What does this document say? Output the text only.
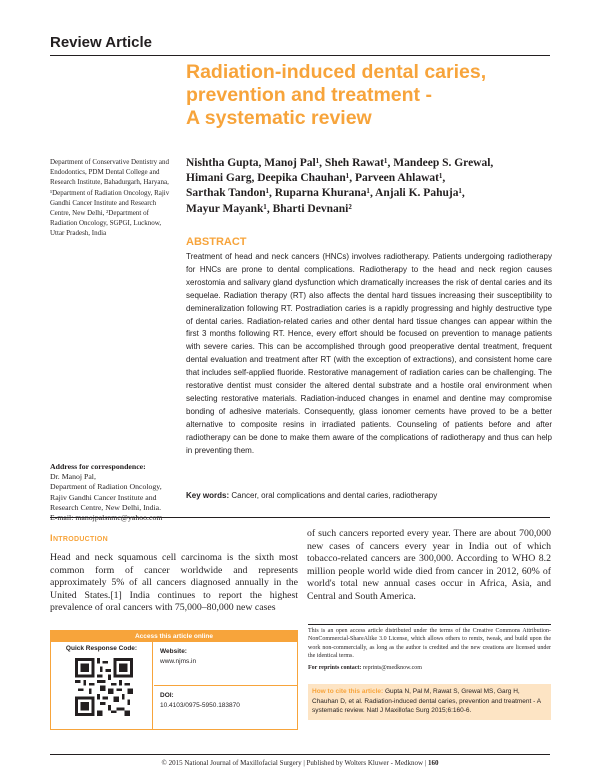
Review Article
Radiation-induced dental caries,
prevention and treatment -
A systematic review
Department of Conservative Dentistry and Endodontics, PDM Dental College and Research Institute, Bahadurgarh, Haryana, ¹Department of Radiation Oncology, Rajiv Gandhi Cancer Institute and Research Centre, New Delhi, ²Department of Radiation Oncology, SGPGI, Lucknow, Uttar Pradesh, India
Nishtha Gupta, Manoj Pal¹, Sheh Rawat¹, Mandeep S. Grewal,
Himani Garg, Deepika Chauhan¹, Parveen Ahlawat¹,
Sarthak Tandon¹, Ruparna Khurana¹, Anjali K. Pahuja¹,
Mayur Mayank¹, Bharti Devnani²
ABSTRACT
Treatment of head and neck cancers (HNCs) involves radiotherapy. Patients undergoing radiotherapy for HNCs are prone to dental complications. Radiotherapy to the head and neck region causes xerostomia and salivary gland dysfunction which dramatically increases the risk of dental caries and its sequelae. Radiation therapy (RT) also affects the dental hard tissues increasing their susceptibility to demineralization following RT. Postradiation caries is a rapidly progressing and highly destructive type of dental caries. Radiation-related caries and other dental hard tissue changes can appear within the first 3 months following RT. Hence, every effort should be focused on prevention to manage patients with severe caries. This can be accomplished through good preoperative dental treatment, frequent dental evaluation and treatment after RT (with the exception of extractions), and consistent home care that includes self-applied fluoride. Restorative management of radiation caries can be challenging. The restorative dentist must consider the altered dental substrate and a hostile oral environment when selecting restorative materials. Radiation-induced changes in enamel and dentine may compromise bonding of adhesive materials. Consequently, glass ionomer cements have proved to be a better alternative to composite resins in irradiated patients. Counseling of patients before and after radiotherapy can be done to make them aware of the complications of radiotherapy and thus can help in preventing them.
Address for correspondence:
Dr. Manoj Pal,
Department of Radiation Oncology,
Rajiv Gandhi Cancer Institute and Research Centre, New Delhi, India.
Key words: Cancer, oral complications and dental caries, radiotherapy
Introduction
Head and neck squamous cell carcinoma is the sixth most common form of cancer worldwide and represents approximately 5% of all cancers diagnosed annually in the United States.[1] India continues to report the highest prevalence of oral cancers with 75,000–80,000 new cases
of such cancers reported every year. There are about 700,000 new cases of cancers every year in India out of which tobacco-related cancers are 300,000. According to WHO 8.2 million people world wide died from cancer in 2012, 60% of world's total new annual cases occur in Africa, Asia, and Central and South America.
Access this article online
Quick Response Code:	Website:
www.njms.in
DOI:
10.4103/0975-5950.183870
This is an open access article distributed under the terms of the Creative Commons Attribution-NonCommercial-ShareAlike 3.0 License, which allows others to remix, tweak, and build upon the work non-commercially, as long as the author is credited and the new creations are licensed under the identical terms.
For reprints contact: reprints@medknow.com
How to cite this article: Gupta N, Pal M, Rawat S, Grewal MS, Garg H, Chauhan D, et al. Radiation-induced dental caries, prevention and treatment - A systematic review. Natl J Maxillofac Surg 2015;6:160-6.
© 2015 National Journal of Maxillofacial Surgery | Published by Wolters Kluwer - Medknow | 160
